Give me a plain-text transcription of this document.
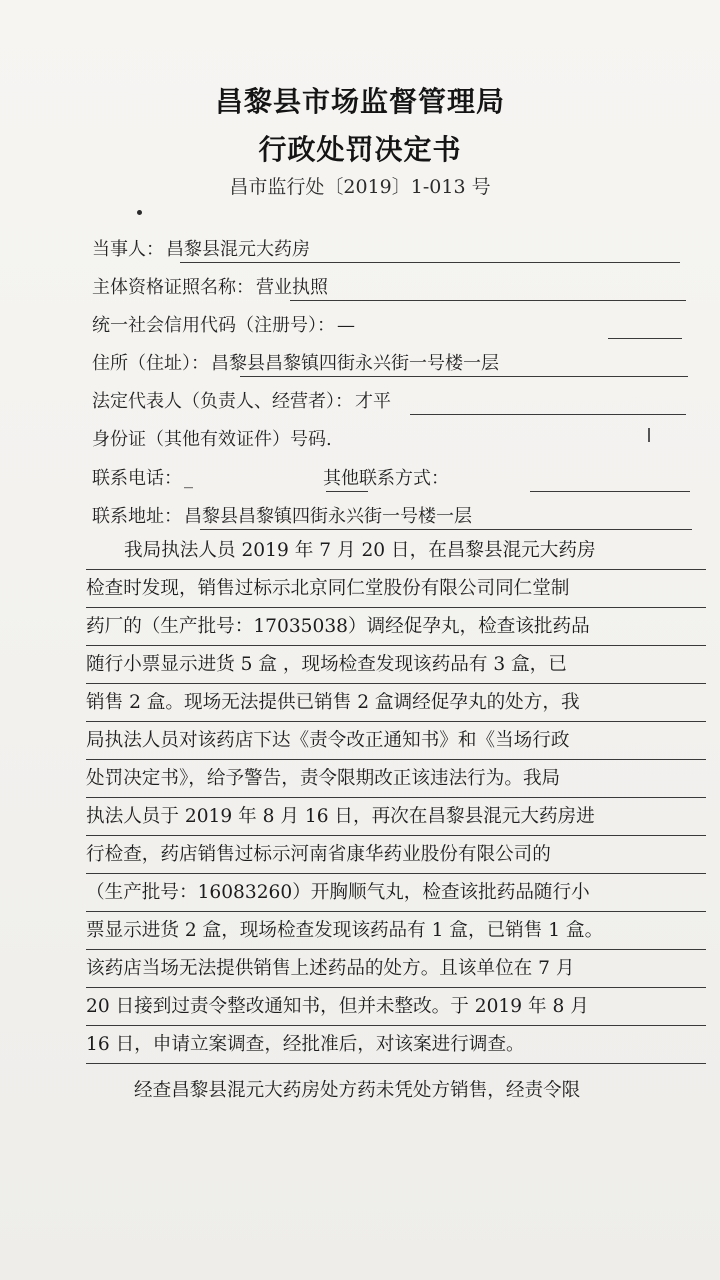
昌黎县市场监督管理局
行政处罚决定书
昌市监行处〔2019〕1-013 号
当事人： 昌黎县混元大药房
主体资格证照名称： 营业执照
统一社会信用代码（注册号）： —
住所（住址）： 昌黎县昌黎镇四街永兴街一号楼一层
法定代表人（负责人、经营者）： 才平
身份证（其他有效证件）号码.
联系电话： _	其他联系方式：
联系地址： 昌黎县昌黎镇四街永兴街一号楼一层
我局执法人员 2019 年 7 月 20 日，在昌黎县混元大药房
检查时发现，销售过标示北京同仁堂股份有限公司同仁堂制
药厂的（生产批号：17035038）调经促孕丸，检查该批药品
随行小票显示进货 5 盒 ，现场检查发现该药品有 3 盒，已
销售 2 盒。现场无法提供已销售 2 盒调经促孕丸的处方，我
局执法人员对该药店下达《责令改正通知书》和《当场行政
处罚决定书》，给予警告，责令限期改正该违法行为。我局
执法人员于 2019 年 8 月 16 日，再次在昌黎县混元大药房进
行检查，药店销售过标示河南省康华药业股份有限公司的
（生产批号：16083260）开胸顺气丸，检查该批药品随行小
票显示进货 2 盒，现场检查发现该药品有 1 盒，已销售 1 盒。
该药店当场无法提供销售上述药品的处方。且该单位在 7 月
20 日接到过责令整改通知书，但并未整改。于 2019 年 8 月
16 日，申请立案调查，经批准后，对该案进行调查。
经查昌黎县混元大药房处方药未凭处方销售，经责令限
